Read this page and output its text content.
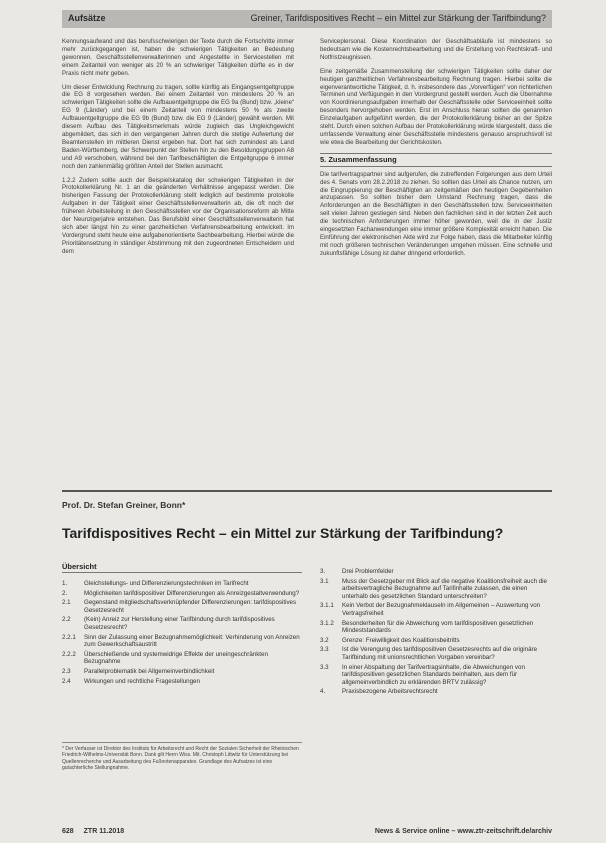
Aufsätze	Greiner, Tarifdispositives Recht – ein Mittel zur Stärkung der Tarifbindung?

Kennungsaufwand und das berufsschwierigen der Texte durch die Fortschritte immer mehr zurückgegangen ist, haben die schwierigen Tätigkeiten an Bedeutung gewonnen. Geschäftsstellenverwalterinnen und Angestellte in Servicestellen mit einem Zeitanteil von weniger als 20 % an schwieriger Tätigkeiten dürfte es in der Praxis nicht mehr geben.

Um dieser Entwicklung Rechnung zu tragen, sollte künftig als Eingangsentgeltgruppe die EG 8 vorgesehen werden. Bei einem Zeitanteil von mindestens 20 % an schwierigen Tätigkeiten sollte die Aufbauentgeltgruppe die EG 9a (Bund) bzw. „kleine“ EG 9 (Länder) und bei einem Zeitanteil von mindestens 50 % als zweite Aufbauentgeltgruppe die EG 9b (Bund) bzw. die EG 9 (Länder) gewählt werden. Mit diesem Aufbau des Tätigkeitsmerkmals würde zugleich das Ungleichgewicht abgemildert, das sich in den vergangenen Jahren durch die stetige Aufwertung der Beamtenstellen im mittleren Dienst ergeben hat. Dort hat sich zumindest als Land Baden-Württemberg, der Schwerpunkt der Stellen hin zu den Besoldungsgruppen A8 und A9 verschoben, während bei den Tarifbeschäftigten die Entgeltgruppe 6 immer noch den zahlenmäßig größten Anteil der Stellen ausmacht.

1.2.2 Zudem sollte auch der Beispielskatalog der schwierigen Tätigkeiten in der Protokollerklärung Nr. 1 an die geänderten Verhältnisse angepasst werden. Die bisherigen Fassung der Protokollerklärung stellt lediglich auf bestimmte protokolle Aufgaben in der Tätigkeit einer Geschäftsstellenverwalterin ab, die oft noch der früheren Arbeitsteilung in den Geschäftsstellen vor der Organisationsreform ab Mitte der Neunzigerjahre entstehen. Das Berufsbild einer Geschäftsstellenverwalterin hat sich aber längst hin zu einer ganzheitlichen Verfahrensbearbeitung entwickelt. Im Vordergrund steht heute eine aufgabenorientierte Sachbearbeitung. Hierbei würde die Prioritätensetzung in ständiger Abstimmung mit den zugeordneten Entscheidern und dem

Serviceplersonal. Diese Koordination der Geschäftsabläufe ist mindestens so bedeutsam wie die Kostenrechtsbearbeitung und die Erstellung von Rechtskraft- und Notfristzeugnissen.

Eine zeitgemäße Zusammenstellung der schwierigen Tätigkeiten sollte daher der heutigen ganzheitlichen Verfahrensbearbeitung Rechnung tragen. Hierbei sollte die eigenverantwortliche Tätigkeit, d. h. insbesondere das „Vorverfügen“ von richterlichen Terminen und Verfügungen in den Vordergrund gestellt werden. Auch die Übernahme von Koordinierungsaufgaben innerhalb der Geschäftsstelle oder Serviceeinheit sollte besonders hervorgehoben werden. Erst im Anschluss hieran sollten die genannten Einzelaufgaben aufgeführt werden, die der Protokollerklärung bisher an der Spitze steht. Durch einen solchen Aufbau der Protokollerklärung würde klargestellt, dass die umfassende Verwaltung einer Geschäftsstelle mindestens genauso anspruchsvoll ist wie etwa die Bearbeitung der Gerichtskosten.

5. Zusammenfassung

Die tarifvertragspartner sind aufgerufen, die zutreffenden Folgerungen aus dem Urteil des 4. Senats vom 28.2.2018 zu ziehen. So sollten das Urteil als Chance nutzen, um die Eingruppierung der Beschäftigten an zeitgemäßen den heutigen Gegebenheiten anzupassen. So sollten bisher dem Umstand Rechnung tragen, dass die Anforderungen an die Beschäftigten in den Geschäftsstellen bzw. Serviceeinheiten seit vielen Jahren gestiegen sind. Neben den fachlichen sind in der letzten Zeit auch die technischen Anforderungen immer höher geworden, weil die in der Justiz eingesetzten Fachanwendungen eine immer größere Komplexität erreicht haben. Die Einführung der elektronischen Akte wird zur Folge haben, dass die Mitarbeiter künftig mit noch größeren technischen Veränderungen umgehen müssen. Eine schnelle und zukunftsfähige Lösung ist daher dringend erforderlich.

Prof. Dr. Stefan Greiner, Bonn*
Tarifdispositives Recht – ein Mittel zur Stärkung der Tarifbindung?
Übersicht
1.	Gleichstellungs- und Differenzierungstechniken im Tarifrecht
2.	Möglichkeiten tarifdispositiver Differenzierungen als Anreizgestaltverwendung?
2.1	Gegenstand mitgliedschaftsverknüpfender Differenzierungen: tarifdispositives Gesetzesrecht
2.2	(Kein) Anreiz zur Herstellung einer Tarifbindung durch tarifdispositives Gesetzesrecht?
2.2.1	Sinn der Zulassung einer Bezugnahmemöglichkeit: Verhinderung von Anreizen zum Gewerkschaftsaustritt
2.2.2	Überschießende und systemwidrige Effekte der uneingeschränkten Bezugnahme
2.3	Parallelproblematik bei Allgemeinverbindlichkeit
2.4	Wirkungen und rechtliche Fragestellungen
3.	Drei Problemfelder
3.1	Muss der Gesetzgeber mit Blick auf die negative Koalitionsfreiheit auch die arbeitsvertragliche Bezugnahme auf Tarifinhalte zulassen, die einen unterhalb des gesetzlichen Standard unterschreiten?
3.1.1	Kein Verbot der Bezugnahmeklauseln im Allgemeinen – Auswertung von Vertragsfreiheit
3.1.2	Besonderheiten für die Abweichung vom tarifdispositiven gesetzlichen Mindeststandards
3.2	Grenze: Freiwilligkeit des Koalitionsbeitritts
3.3	Ist die Verengung des tarifdispositiven Gesetzesrechts auf die originäre Tarifbindung mit unionsrechtlichen Vorgaben vereinbar?
3.3	In einer Abspaltung der Tarifvertragsinhalte, die Abweichungen von tarifdispositiven gesetzlichen Standards beinhalten, aus dem für allgemeinverbindlich zu erklärenden BRTV zulässig?
4.	Praxisbezogene Arbeitsrechtsrecht
* Der Verfasser ist Direktor des Instituts für Arbeitsrecht und Recht der Sozialen Sicherheit der Rheinischen Friedrich-Wilhelms-Universität Bonn. Dank gilt Herrn Wiss. Mit. Christoph Littwitz für Unterstützung bei Quellenrecherche und Ausarbeitung des Fußnotenapparates. Grundlage des Aufsatzes ist eine gutachterliche Stellungnahme.
628 ZTR 11.2018	News & Service online – www.ztr-zeitschrift.de/archiv
